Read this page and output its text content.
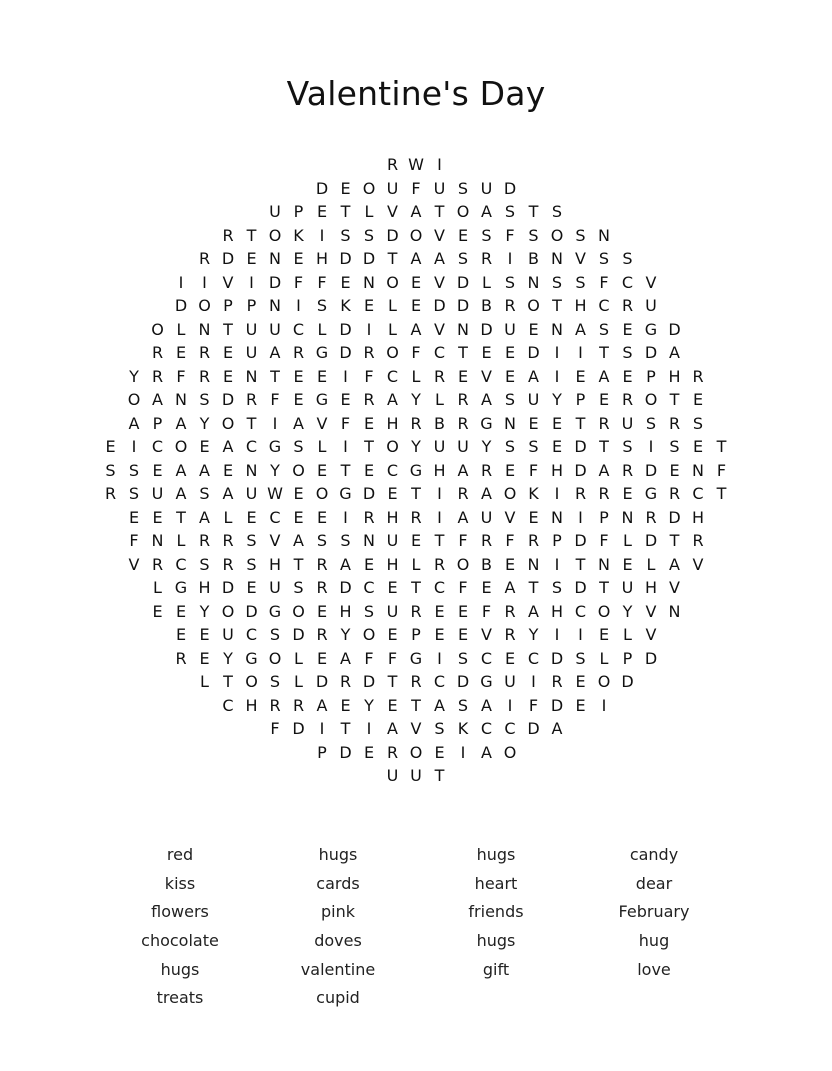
Valentine's Day
R W I
D E O U F U S U D
U P E T L V A T O A S T S
R T O K I S S D O V E S F S O S N
R D E N E H D D T A A S R I B N V S S
I I V I D F F E N O E V D L S N S S F C V
D O P P N I S K E L E D D B R O T H C R U
O L N T U U C L D I L A V N D U E N A S E G D
R E R E U A R G D R O F C T E E D I I T S D A
Y R F R E N T E E I F C L R E V E A I E A E P H R
O A N S D R F E G E R A Y L R A S U Y P E R O T E
A P A Y O T I A V F E H R B R G N E E T R U S R S
E I C O E A C G S L I T O Y U U Y S S E D T S I S E T
S S E A A E N Y O E T E C G H A R E F H D A R D E N F
R S U A S A U W E O G D E T I R A O K I R R E G R C T
E E T A L E C E E I R H R I A U V E N I P N R D H
F N L R R S V A S S N U E T F R F R P D F L D T R
V R C S R S H T R A E H L R O B E N I T N E L A V
L G H D E U S R D C E T C F E A T S D T U H V
E E Y O D G O E H S U R E E F R A H C O Y V N
E E U C S D R Y O E P E E V R Y I I E L V
R E Y G O L E A F F G I S C E C D S L P D
L T O S L D R D T R C D G U I R E O D
C H R R A E Y E T A S A I F D E I
F D I T I A V S K C C D A
P D E R O E I A O
U U T
red
kiss
flowers
chocolate
hugs
treats
hugs
cards
pink
doves
valentine
cupid
hugs
heart
friends
hugs
gift
candy
dear
February
hug
love
